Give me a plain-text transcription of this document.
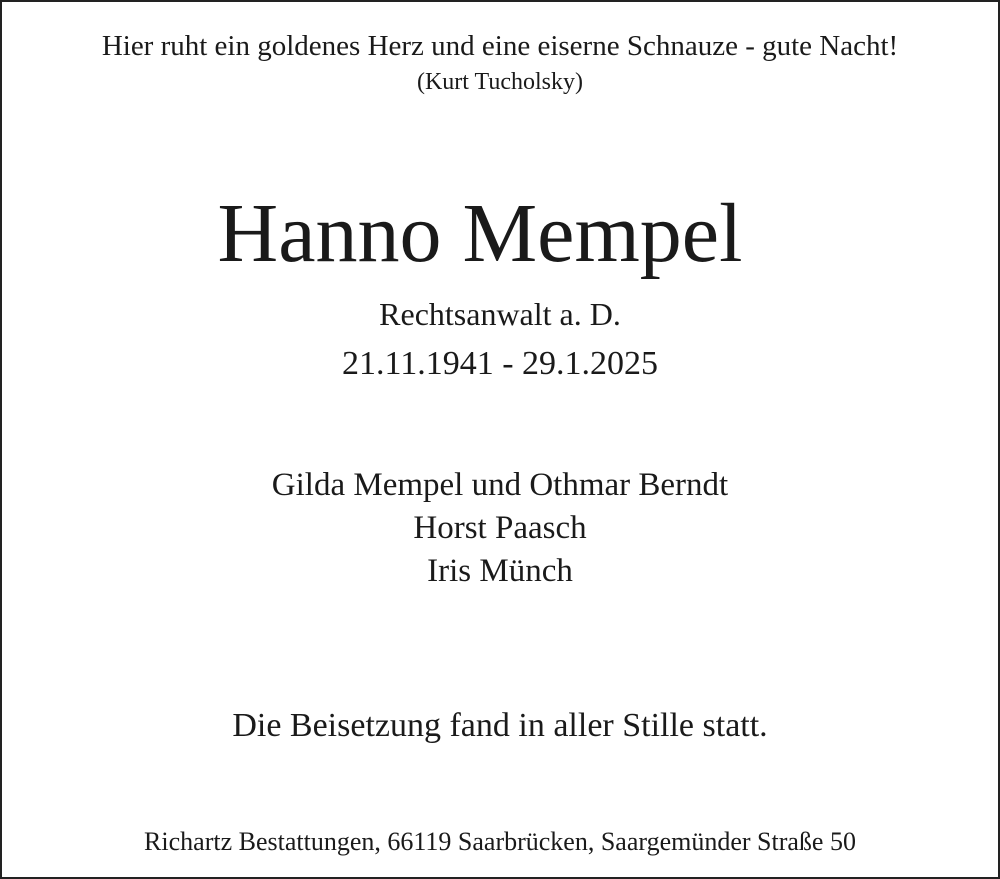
Hier ruht ein goldenes Herz und eine eiserne Schnauze - gute Nacht!
(Kurt Tucholsky)
Hanno Mempel
Rechtsanwalt a. D.
21.11.1941 - 29.1.2025
Gilda Mempel und Othmar Berndt
Horst Paasch
Iris Münch
Die Beisetzung fand in aller Stille statt.
Richartz Bestattungen, 66119 Saarbrücken, Saargemünder Straße 50
